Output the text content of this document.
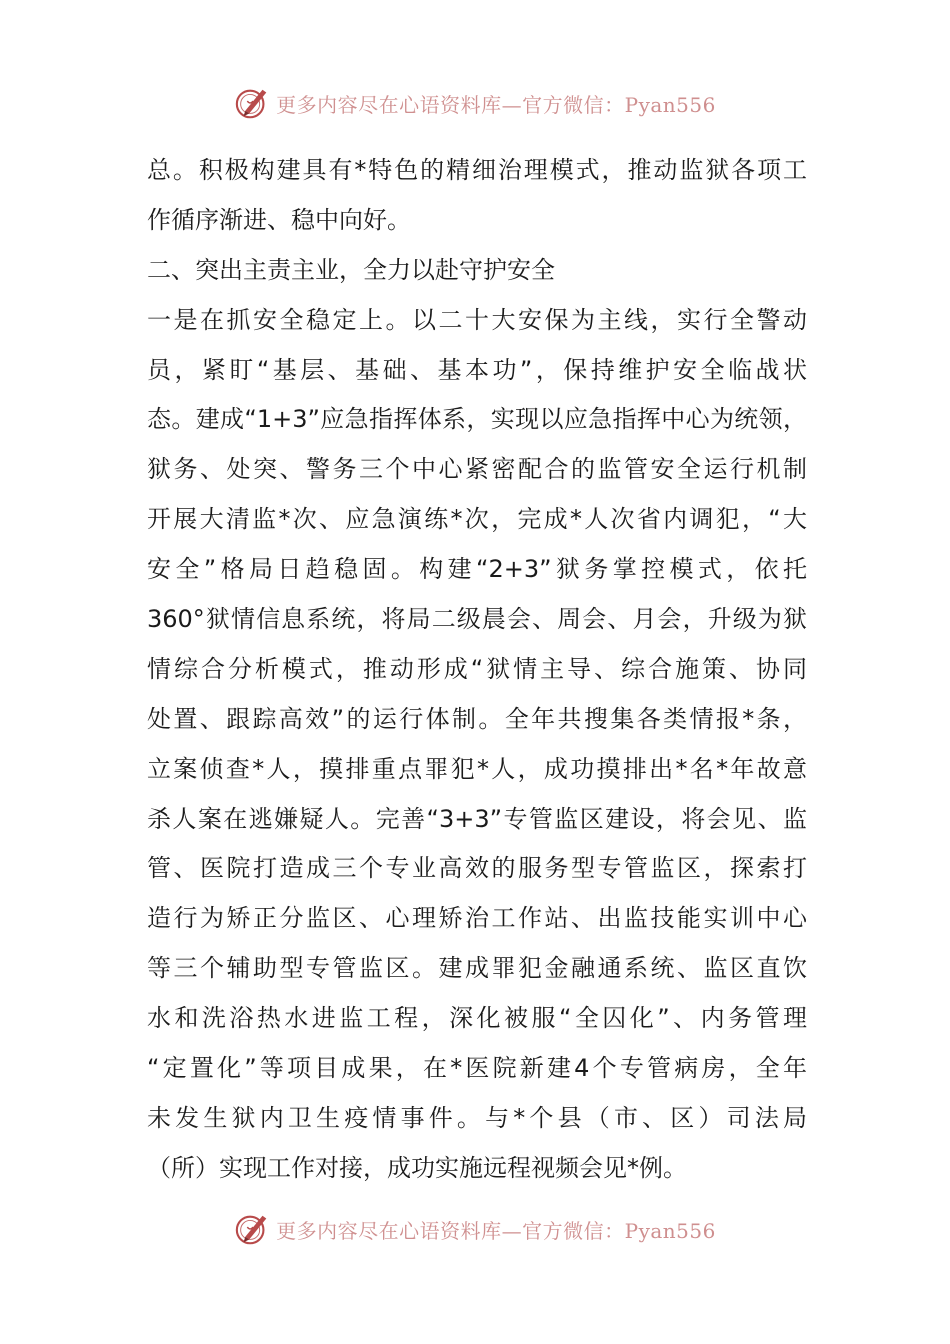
更多内容尽在心语资料库—官方微信：Pyan556
总。积极构建具有*特色的精细治理模式，推动监狱各项工
作循序渐进、稳中向好。
二、突出主责主业，全力以赴守护安全
一是在抓安全稳定上。以二十大安保为主线，实行全警动
员，紧盯“基层、基础、基本功”，保持维护安全临战状
态。建成“1+3”应急指挥体系，实现以应急指挥中心为统领，
狱务、处突、警务三个中心紧密配合的监管安全运行机制
开展大清监*次、应急演练*次，完成*人次省内调犯，“大
安全”格局日趋稳固。构建“2+3”狱务掌控模式，依托
360°狱情信息系统，将局二级晨会、周会、月会，升级为狱
情综合分析模式，推动形成“狱情主导、综合施策、协同
处置、跟踪高效”的运行体制。全年共搜集各类情报*条，
立案侦查*人，摸排重点罪犯*人，成功摸排出*名*年故意
杀人案在逃嫌疑人。完善“3+3”专管监区建设，将会见、监
管、医院打造成三个专业高效的服务型专管监区，探索打
造行为矫正分监区、心理矫治工作站、出监技能实训中心
等三个辅助型专管监区。建成罪犯金融通系统、监区直饮
水和洗浴热水进监工程，深化被服“全囚化”、内务管理
“定置化”等项目成果，在*医院新建4个专管病房，全年
未发生狱内卫生疫情事件。与*个县（市、区）司法局
（所）实现工作对接，成功实施远程视频会见*例。
更多内容尽在心语资料库—官方微信：Pyan556
